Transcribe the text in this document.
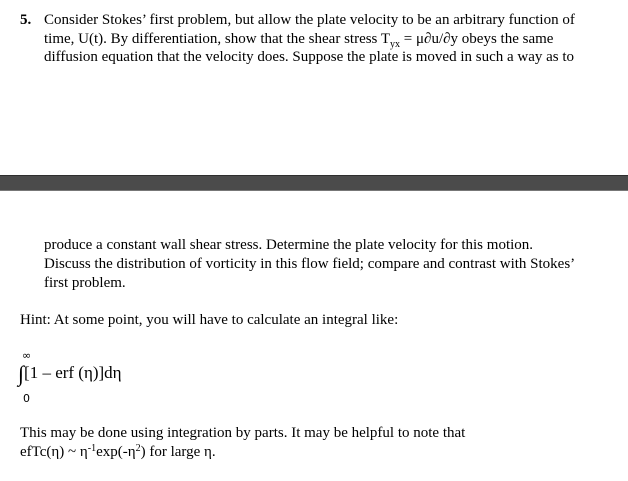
5. Consider Stokes’ first problem, but allow the plate velocity to be an arbitrary function of
time, U(t). By differentiation, show that the shear stress $T_{yx} = \mu\partial u/\partial y$ obeys the same
diffusion equation that the velocity does. Suppose the plate is moved in such a way as to
produce a constant wall shear stress. Determine the plate velocity for this motion.
Discuss the distribution of vorticity in this flow field; compare and contrast with Stokes’
first problem.
Hint: At some point, you will have to calculate an integral like:
∞
∫[1 – erf (η)]dη
0
This may be done using integration by parts. It may be helpful to note that
efTc(η) ~ $\eta^{-1}\exp(-\eta^2)$ for large η.
